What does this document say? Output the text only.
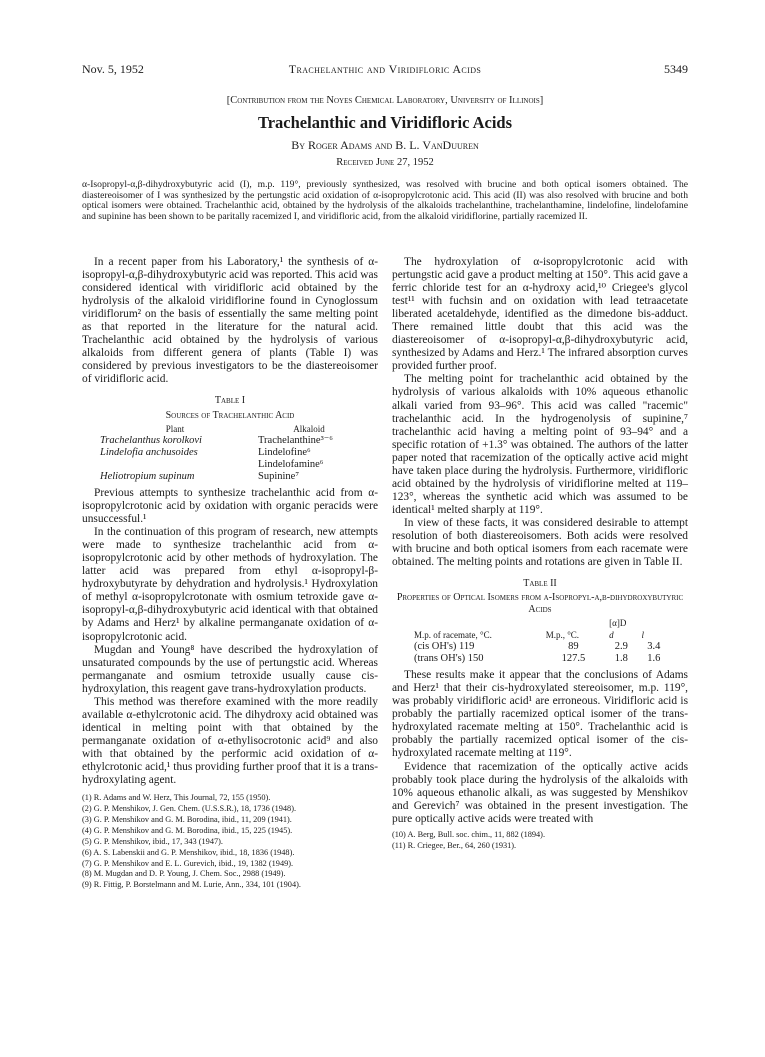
Nov. 5, 1952	Trachelanthic and Viridifloric Acids	5349
[Contribution from the Noyes Chemical Laboratory, University of Illinois]
Trachelanthic and Viridifloric Acids
By Roger Adams and B. L. VanDuuren
Received June 27, 1952
α-Isopropyl-α,β-dihydroxybutyric acid (I), m.p. 119°, previously synthesized, was resolved with brucine and both optical isomers obtained. The diastereoisomer of I was synthesized by the pertungstic acid oxidation of α-isopropylcrotonic acid. This acid (II) was also resolved with brucine and both optical isomers were obtained. Trachelanthic acid, obtained by the hydrolysis of the alkaloids trachelanthine, trachelanthamine, lindelofine, lindelofamine and supinine has been shown to be paritally racemized I, and viridifloric acid, from the alkaloid viridiflorine, partially racemized II.

In a recent paper from his Laboratory,¹ the synthesis of α-isopropyl-α,β-dihydroxybutyric acid was reported. This acid was considered identical with viridifloric acid obtained by the hydrolysis of the alkaloid viridiflorine found in Cynoglossum viridiflorum² on the basis of essentially the same melting point as that reported in the literature for the natural acid. Trachelanthic acid obtained by the hydrolysis of various alkaloids from different genera of plants (Table I) was considered by previous investigators to be the diastereoisomer of viridifloric acid.

Table I
Sources of Trachelanthic Acid
Plant	Alkaloid
Trachelanthus korolkovi	Trachelanthine³⁻⁶
Lindelofia anchusoides	Lindelofine⁶
	Lindelofamine⁶
Heliotropium supinum	Supinine⁷

Previous attempts to synthesize trachelanthic acid from α-isopropylcrotonic acid by oxidation with organic peracids were unsuccessful.¹

In the continuation of this program of research, new attempts were made to synthesize trachelanthic acid from α-isopropylcrotonic acid by other methods of hydroxylation. The latter acid was prepared from ethyl α-isopropyl-β-hydroxybutyrate by dehydration and hydrolysis.¹ Hydroxylation of methyl α-isopropylcrotonate with osmium tetroxide gave α-isopropyl-α,β-dihydroxybutyric acid identical with that obtained by Adams and Herz¹ by alkaline permanganate oxidation of α-isopropylcrotonic acid.

Mugdan and Young⁸ have described the hydroxylation of unsaturated compounds by the use of pertungstic acid. Whereas permanganate and osmium tetroxide usually cause cis-hydroxylation, this reagent gave trans-hydroxylation products.

This method was therefore examined with the more readily available α-ethylcrotonic acid. The dihydroxy acid obtained was identical in melting point with that obtained by the permanganate oxidation of α-ethylisocrotonic acid⁹ and also with that obtained by the performic acid oxidation of α-ethylcrotonic acid,¹ thus providing further proof that it is a trans-hydroxylating agent.

(1) R. Adams and W. Herz, This Journal, 72, 155 (1950).
(2) G. P. Menshikov, J. Gen. Chem. (U.S.S.R.), 18, 1736 (1948).
(3) G. P. Menshikov and G. M. Borodina, ibid., 11, 209 (1941).
(4) G. P. Menshikov and G. M. Borodina, ibid., 15, 225 (1945).
(5) G. P. Menshikov, ibid., 17, 343 (1947).
(6) A. S. Labenskii and G. P. Menshikov, ibid., 18, 1836 (1948).
(7) G. P. Menshikov and E. L. Gurevich, ibid., 19, 1382 (1949).
(8) M. Mugdan and D. P. Young, J. Chem. Soc., 2988 (1949).
(9) R. Fittig, P. Borstelmann and M. Lurie, Ann., 334, 101 (1904).

The hydroxylation of α-isopropylcrotonic acid with pertungstic acid gave a product melting at 150°. This acid gave a ferric chloride test for an α-hydroxy acid,¹⁰ Criegee's glycol test¹¹ with fuchsin and on oxidation with lead tetraacetate liberated acetaldehyde, identified as the dimedone bis-adduct. There remained little doubt that this acid was the diastereoisomer of α-isopropyl-α,β-dihydroxybutyric acid, synthesized by Adams and Herz.¹ The infrared absorption curves provided further proof.

The melting point for trachelanthic acid obtained by the hydrolysis of various alkaloids with 10% aqueous ethanolic alkali varied from 93–96°. This acid was called "racemic" trachelanthic acid. In the hydrogenolysis of supinine,⁷ trachelanthic acid having a melting point of 93–94° and a specific rotation of +1.3° was obtained. The authors of the latter paper noted that racemization of the optically active acid might have taken place during the hydrolysis. Furthermore, viridifloric acid obtained by the hydrolysis of viridiflorine melted at 119–123°, whereas the synthetic acid which was assumed to be identical¹ melted sharply at 119°.

In view of these facts, it was considered desirable to attempt resolution of both diastereoisomers. Both acids were resolved with brucine and both optical isomers from each racemate were obtained. The melting points and rotations are given in Table II.

Table II
Properties of Optical Isomers from α-Isopropyl-α,β-dihydroxybutyric Acids
		[α]D	
M.p. of racemate, °C.	M.p., °C.	d	l
(cis OH's) 119	89	2.9	3.4
(trans OH's) 150	127.5	1.8	1.6

These results make it appear that the conclusions of Adams and Herz¹ that their cis-hydroxylated stereoisomer, m.p. 119°, was probably viridifloric acid¹ are erroneous. Viridifloric acid is probably the partially racemized optical isomer of the trans-hydroxylated racemate melting at 150°. Trachelanthic acid is probably the partially racemized optical isomer of the cis-hydroxylated racemate melting at 119°.

Evidence that racemization of the optically active acids probably took place during the hydrolysis of the alkaloids with 10% aqueous ethanolic alkali, as was suggested by Menshikov and Gerevich⁷ was obtained in the present investigation. The pure optically active acids were treated with

(10) A. Berg, Bull. soc. chim., 11, 882 (1894).
(11) R. Criegee, Ber., 64, 260 (1931).
